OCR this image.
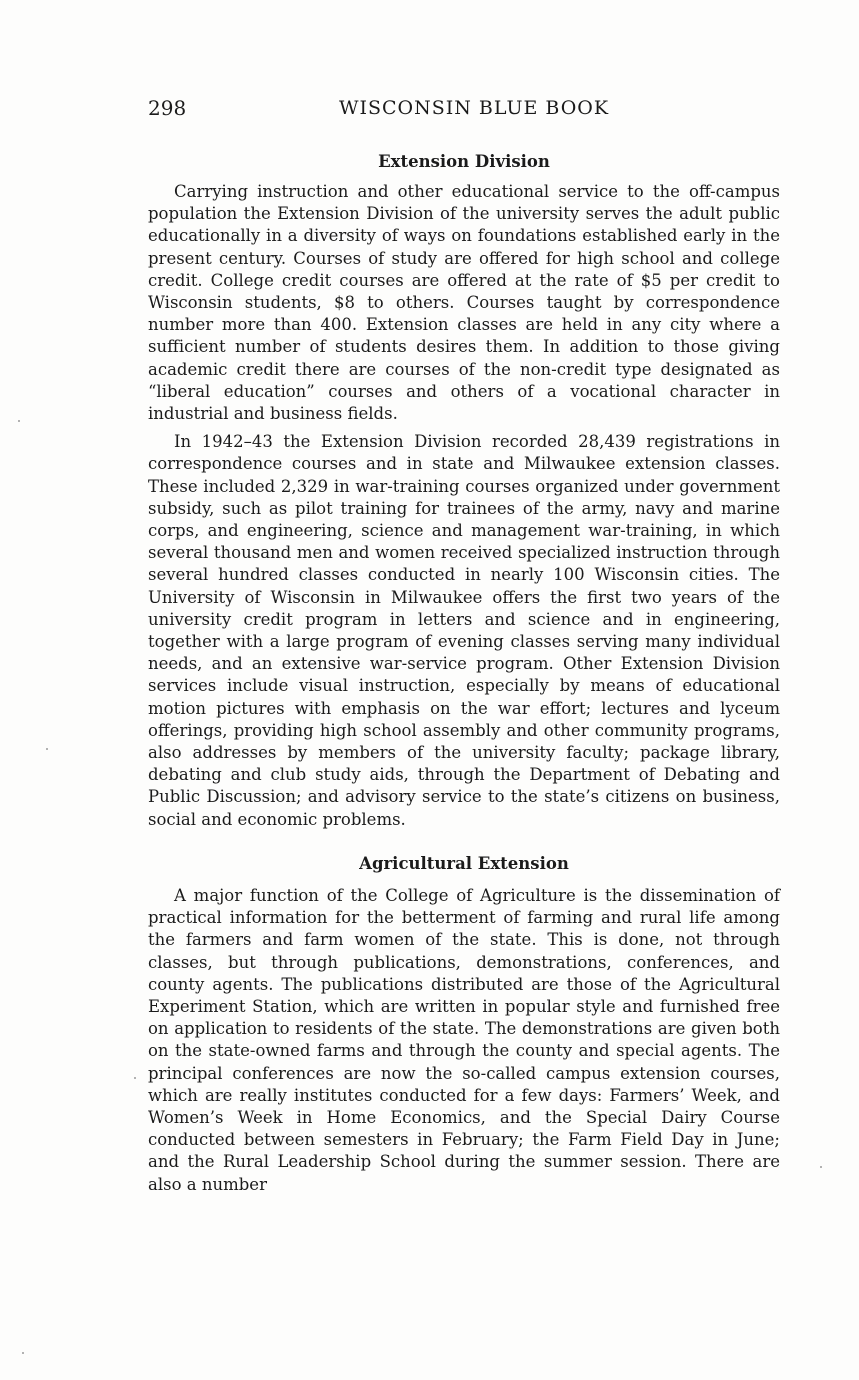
298	WISCONSIN BLUE BOOK
Extension Division

Carrying instruction and other educational service to the off-campus population the Extension Division of the university serves the adult public educationally in a diversity of ways on foundations established early in the present century. Courses of study are offered for high school and college credit. College credit courses are offered at the rate of $5 per credit to Wisconsin students, $8 to others. Courses taught by correspondence number more than 400. Extension classes are held in any city where a sufficient number of students desires them. In addition to those giving academic credit there are courses of the non-credit type designated as “liberal education” courses and others of a vocational character in industrial and business fields.

In 1942–43 the Extension Division recorded 28,439 registrations in correspondence courses and in state and Milwaukee extension classes. These included 2,329 in war-training courses organized under government subsidy, such as pilot training for trainees of the army, navy and marine corps, and engineering, science and management war-training, in which several thousand men and women received specialized instruction through several hundred classes conducted in nearly 100 Wisconsin cities. The University of Wisconsin in Milwaukee offers the first two years of the university credit program in letters and science and in engineering, together with a large program of evening classes serving many individual needs, and an extensive war-service program. Other Extension Division services include visual instruction, especially by means of educational motion pictures with emphasis on the war effort; lectures and lyceum offerings, providing high school assembly and other community programs, also addresses by members of the university faculty; package library, debating and club study aids, through the Department of Debating and Public Discussion; and advisory service to the state’s citizens on business, social and economic problems.

Agricultural Extension

A major function of the College of Agriculture is the dissemination of practical information for the betterment of farming and rural life among the farmers and farm women of the state. This is done, not through classes, but through publications, demonstrations, conferences, and county agents. The publications distributed are those of the Agricultural Experiment Station, which are written in popular style and furnished free on application to residents of the state. The demonstrations are given both on the state-owned farms and through the county and special agents. The principal conferences are now the so-called campus extension courses, which are really institutes conducted for a few days: Farmers’ Week, and Women’s Week in Home Economics, and the Special Dairy Course conducted between semesters in February; the Farm Field Day in June; and the Rural Leadership School during the summer session. There are also a number
